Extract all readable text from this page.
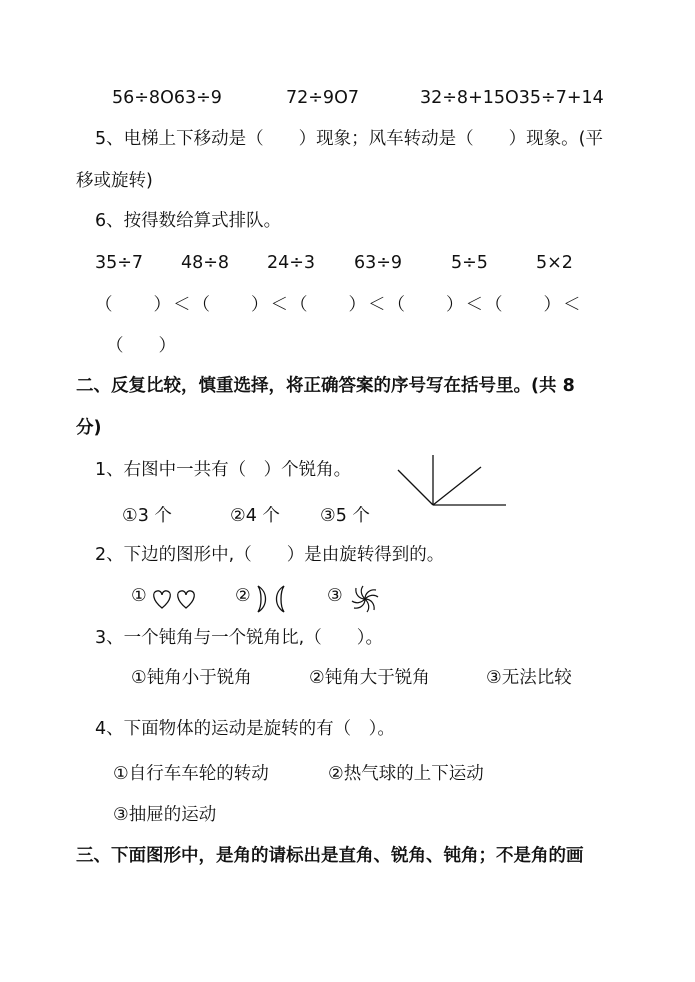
56÷8O63÷9	72÷9O7	32÷8+15O35÷7+14
5、电梯上下移动是（　　）现象；风车转动是（　　）现象。(平
移或旋转)
6、按得数给算式排队。
35÷7 48÷8 24÷3 63÷9	5÷5	5×2
（　　）＜（　　）＜（　　）＜（　　）＜（　　）＜
（　　）
二、反复比较，慎重选择，将正确答案的序号写在括号里。(共 8
分)
1、右图中一共有（　）个锐角。
①3 个	②4 个 ③5 个
2、下边的图形中,（　　）是由旋转得到的。
①	②	③
3、一个钝角与一个锐角比,（　　）。
①钝角小于锐角	②钝角大于锐角	③无法比较
4、下面物体的运动是旋转的有（　）。
①自行车车轮的转动	②热气球的上下运动
③抽屉的运动
三、下面图形中，是角的请标出是直角、锐角、钝角；不是角的画
